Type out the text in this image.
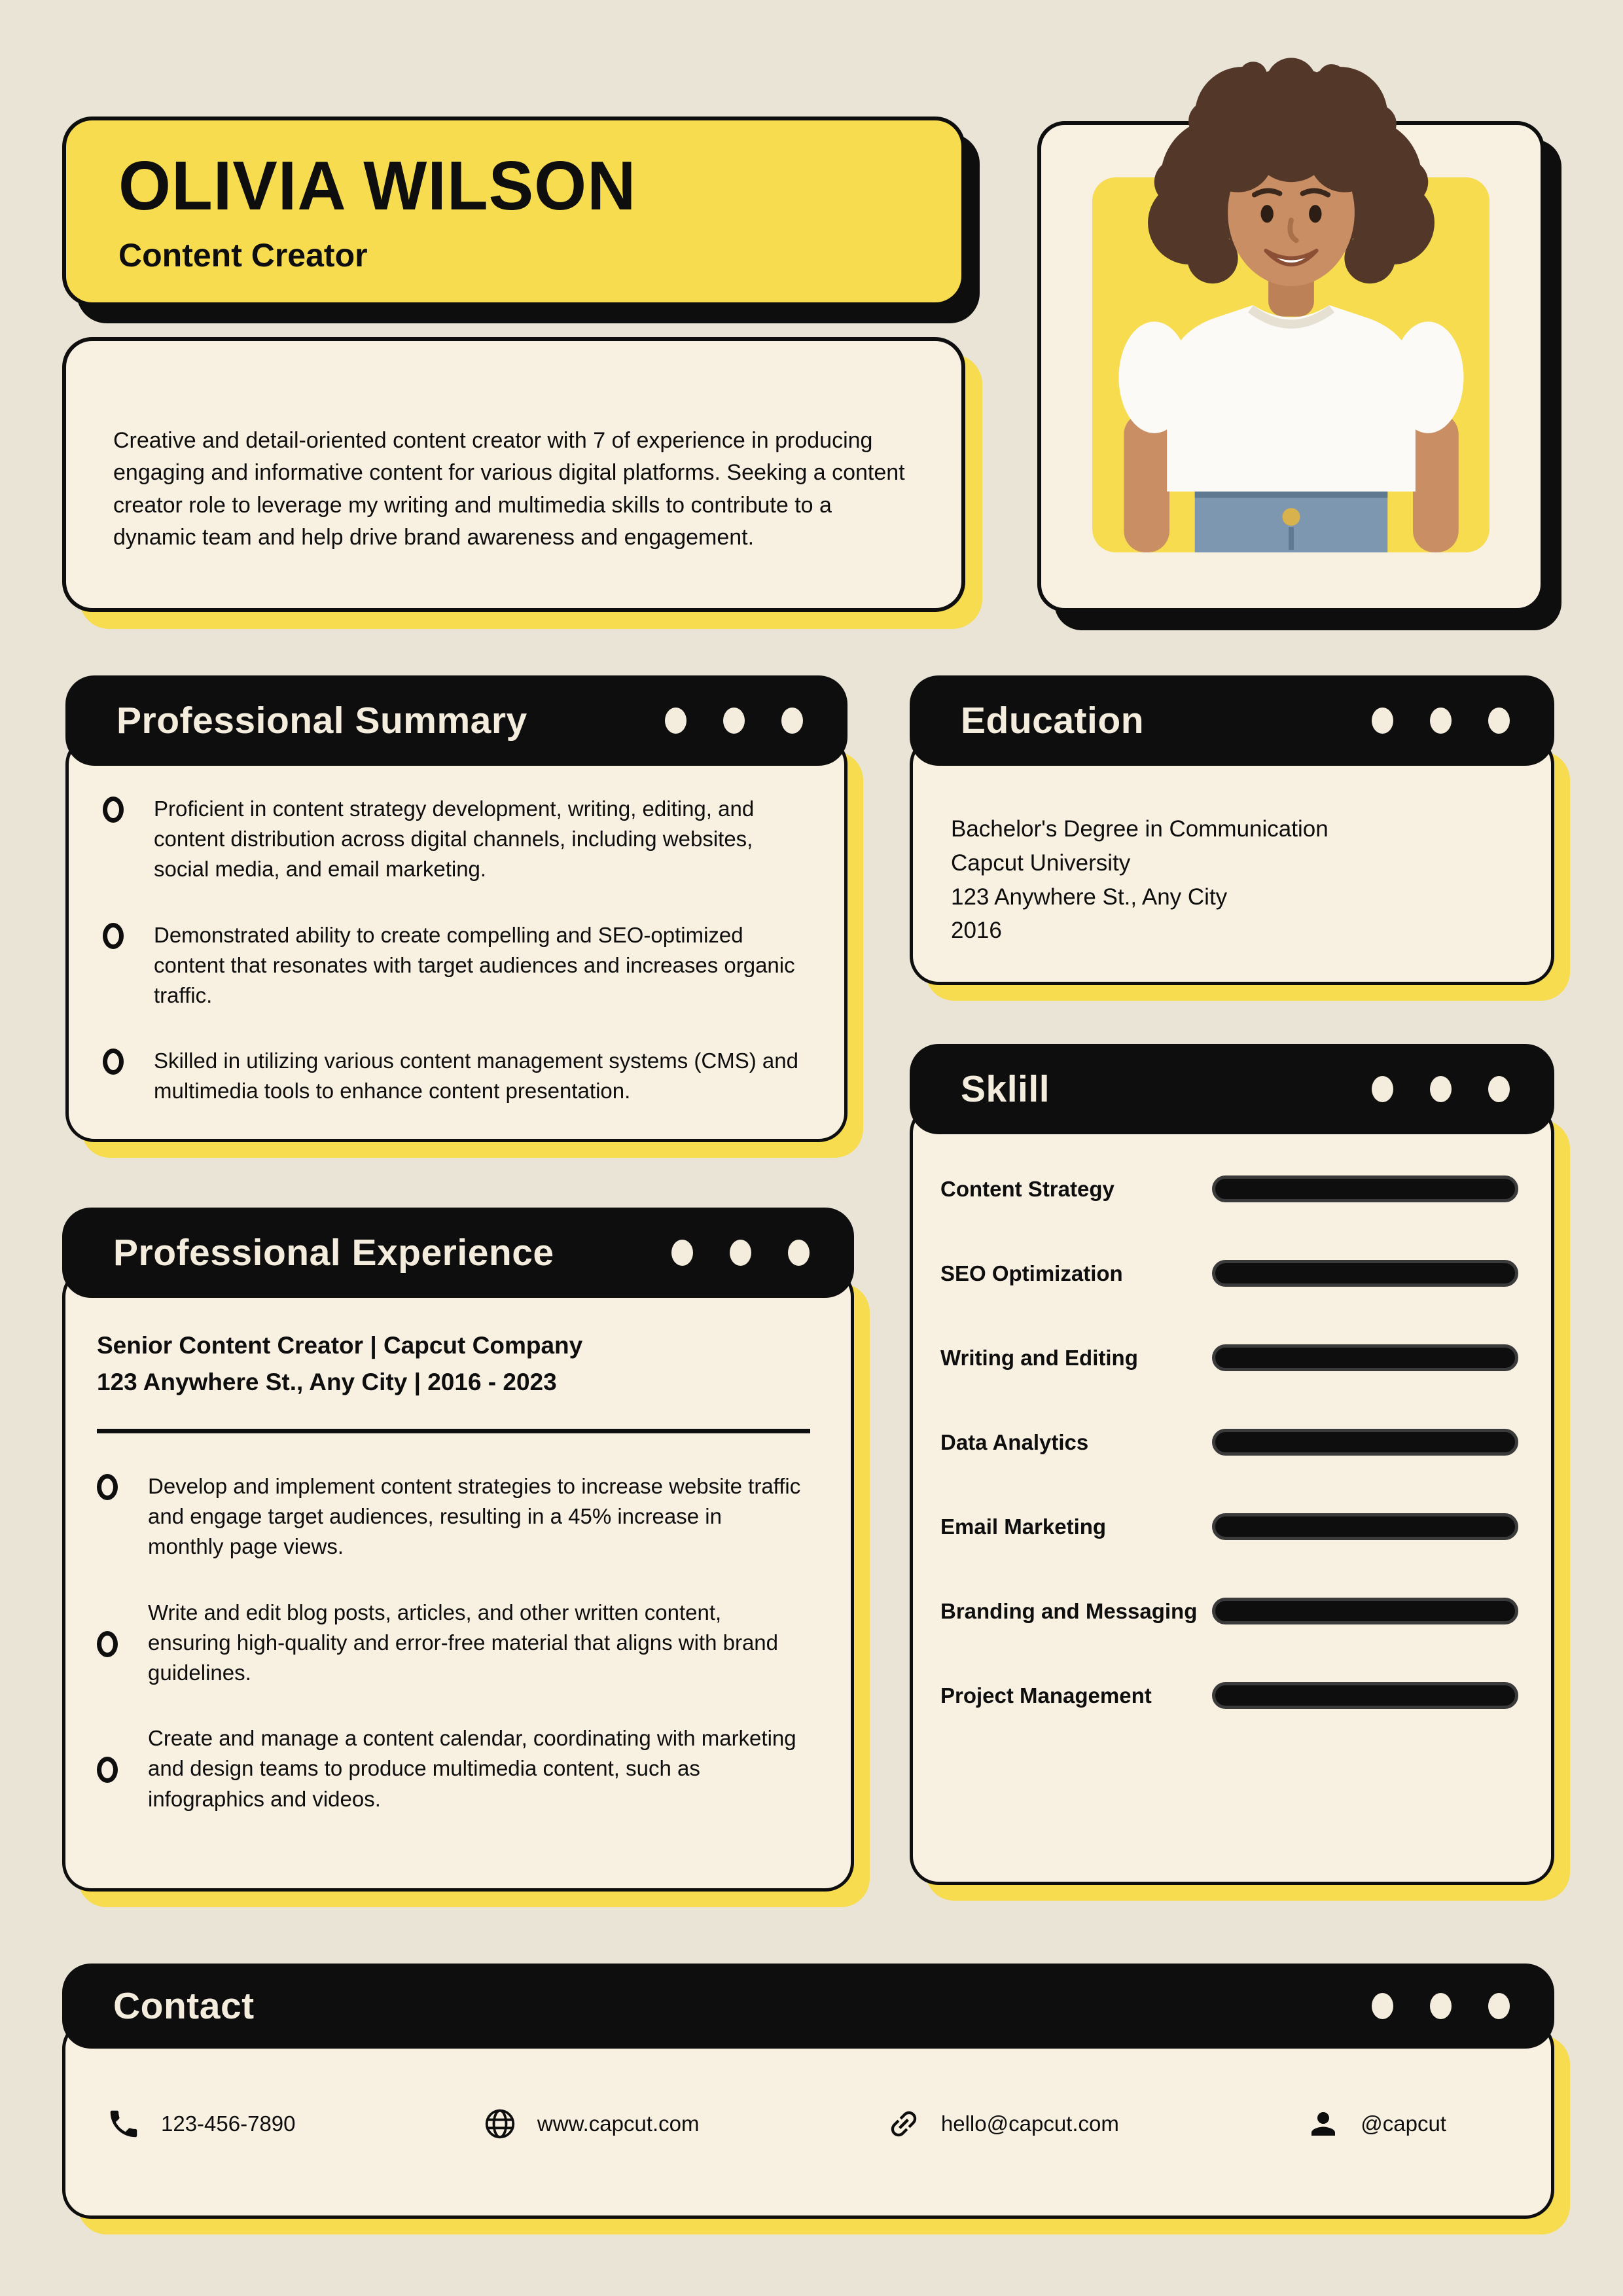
OLIVIA WILSON
Content Creator

Creative and detail-oriented content creator with 7 of experience in producing engaging and informative content for various digital platforms. Seeking a content creator role to leverage my writing and multimedia skills to contribute to a dynamic team and help drive brand awareness and engagement.

Proficient in content strategy development, writing, editing, and content distribution across digital channels, including websites, social media, and email marketing.
Demonstrated ability to create compelling and SEO-optimized content that resonates with target audiences and increases organic traffic.
Skilled in utilizing various content management systems (CMS) and multimedia tools to enhance content presentation.
Professional Summary
Bachelor's Degree in Communication
Capcut University
123 Anywhere St., Any City
2016
Education
Content Strategy
SEO Optimization
Writing and Editing
Data Analytics
Email Marketing
Branding and Messaging
Project Management
Sklill
Senior Content Creator | Capcut Company
123 Anywhere St., Any City | 2016 - 2023
Develop and implement content strategies to increase website traffic and engage target audiences, resulting in a 45% increase in monthly page views.
Write and edit blog posts, articles, and other written content, ensuring high-quality and error-free material that aligns with brand guidelines.
Create and manage a content calendar, coordinating with marketing and design teams to produce multimedia content, such as infographics and videos.
Professional Experience
123-456-7890	www.capcut.com	hello@capcut.com	@capcut
Contact
